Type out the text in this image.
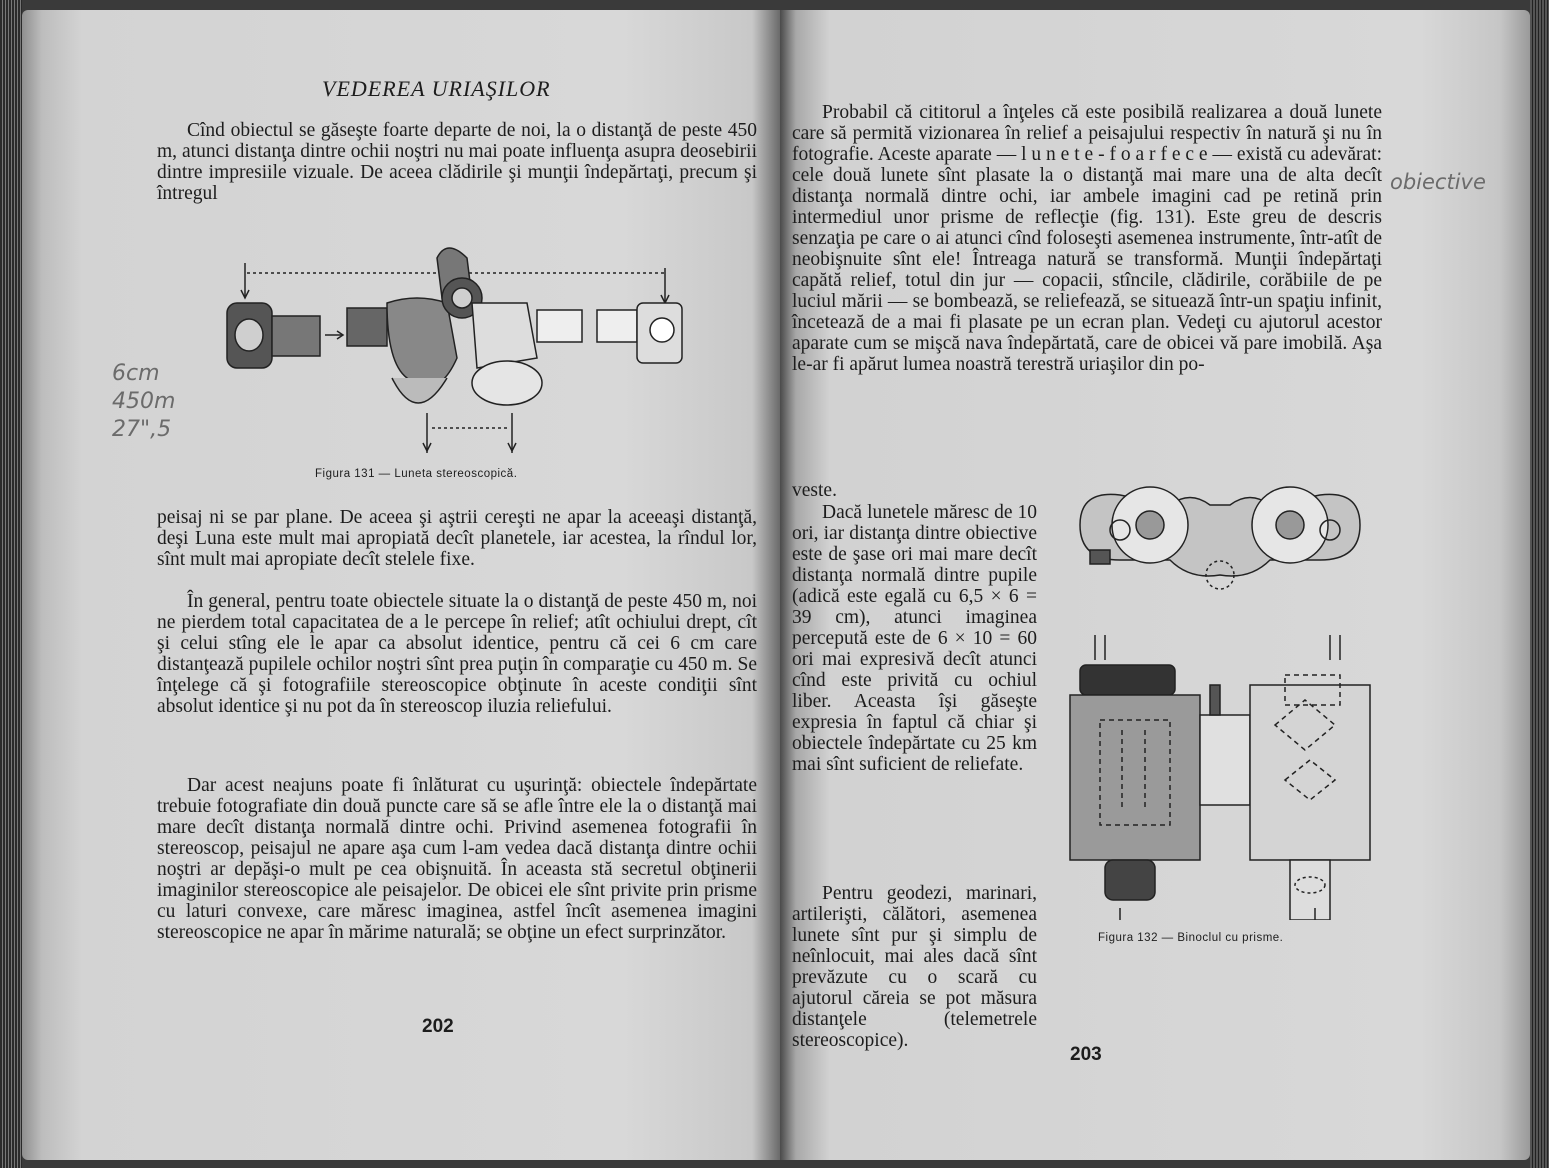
VEDEREA URIAŞILOR

Cînd obiectul se găseşte foarte departe de noi, la o distanţă de peste 450 m, atunci distanţa dintre ochii noştri nu mai poate influenţa asupra deosebirii dintre impresiile vizuale. De aceea clădirile şi munţii îndepărtaţi, precum şi întregul

6cm
450m
27",5
Figura 131 — Luneta stereoscopică.

peisaj ni se par plane. De aceea şi aştrii cereşti ne apar la aceeaşi distanţă, deşi Luna este mult mai apropiată decît planetele, iar acestea, la rîndul lor, sînt mult mai apropiate decît stelele fixe.

În general, pentru toate obiectele situate la o distanţă de peste 450 m, noi ne pierdem total capacitatea de a le percepe în relief; atît ochiului drept, cît şi celui stîng ele le apar ca absolut identice, pentru că cei 6 cm care distanţează pupilele ochilor noştri sînt prea puţin în comparaţie cu 450 m. Se înţelege că şi fotografiile stereoscopice obţinute în aceste condiţii sînt absolut identice şi nu pot da în stereoscop iluzia reliefului.

Dar acest neajuns poate fi înlăturat cu uşurinţă: obiectele îndepărtate trebuie fotografiate din două puncte care să se afle între ele la o distanţă mai mare decît distanţa normală dintre ochi. Privind asemenea fotografii în stereoscop, peisajul ne apare aşa cum l-am vedea dacă distanţa dintre ochii noştri ar depăşi-o mult pe cea obişnuită. În aceasta stă secretul obţinerii imaginilor stereoscopice ale peisajelor. De obicei ele sînt privite prin prisme cu laturi convexe, care măresc imaginea, astfel încît asemenea imagini stereoscopice ne apar în mărime naturală; se obţine un efect surprinzător.

202

Probabil că cititorul a înţeles că este posibilă realizarea a două lunete care să permită vizionarea în relief a peisajului respectiv în natură şi nu în fotografie. Aceste aparate — l u n e t e - f o a r f e c e — există cu adevărat: cele două lunete sînt plasate la o distanţă mai mare una de alta decît distanţa normală dintre ochi, iar ambele imagini cad pe retină prin intermediul unor prisme de reflecţie (fig. 131). Este greu de descris senzaţia pe care o ai atunci cînd foloseşti asemenea instrumente, într-atît de neobişnuite sînt ele! Întreaga natură se transformă. Munţii îndepărtaţi capătă relief, totul din jur — copacii, stîncile, clădirile, corăbiile de pe luciul mării — se bombează, se reliefează, se situează într-un spaţiu infinit, încetează de a mai fi plasate pe un ecran plan. Vedeţi cu ajutorul acestor aparate cum se mişcă nava îndepărtată, care de obicei vă pare imobilă. Aşa le-ar fi apărut lumea noastră terestră uriaşilor din po-

obiective

veste.

Dacă lunetele măresc de 10 ori, iar distanţa dintre obiective este de şase ori mai mare decît distanţa normală dintre pupile (adică este egală cu 6,5 × 6 = 39 cm), atunci imaginea percepută este de 6 × 10 = 60 ori mai expresivă decît atunci cînd este privită cu ochiul liber. Aceasta îşi găseşte expresia în faptul că chiar şi obiectele îndepărtate cu 25 km mai sînt suficient de reliefate.

Pentru geodezi, marinari, artilerişti, călători, asemenea lunete sînt pur şi simplu de neînlocuit, mai ales dacă sînt prevăzute cu o scară cu ajutorul căreia se pot măsura distanţele (telemetrele stereoscopice).

Figura 132 — Binoclul cu prisme.
203
